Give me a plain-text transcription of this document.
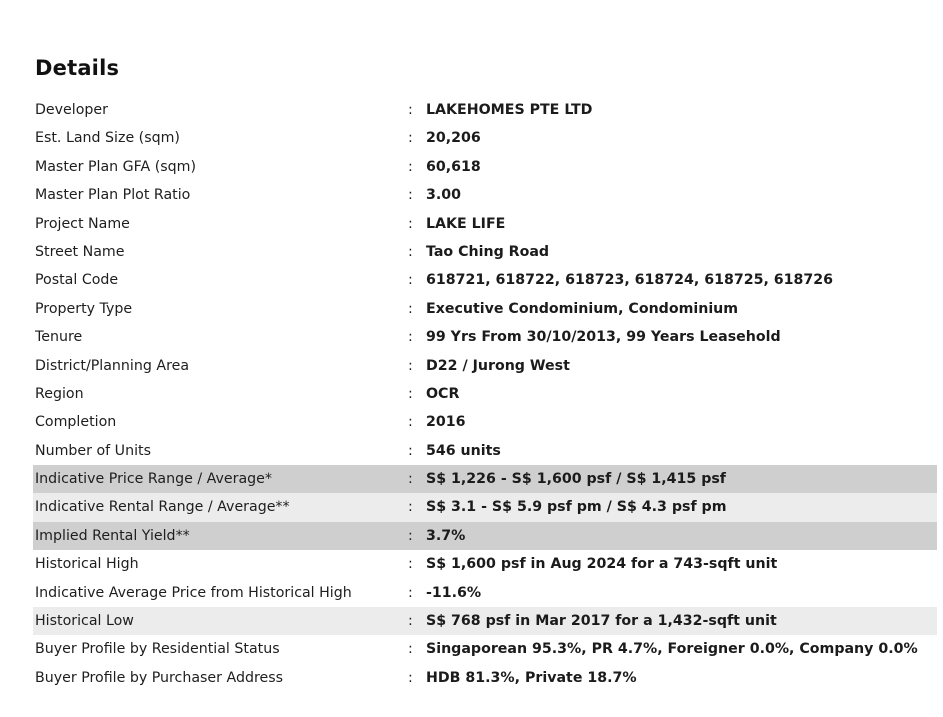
Details
Developer	: LAKEHOMES PTE LTD
Est. Land Size (sqm)	: 20,206
Master Plan GFA (sqm)	: 60,618
Master Plan Plot Ratio	: 3.00
Project Name	: LAKE LIFE
Street Name	: Tao Ching Road
Postal Code	: 618721, 618722, 618723, 618724, 618725, 618726
Property Type	: Executive Condominium, Condominium
Tenure	: 99 Yrs From 30/10/2013, 99 Years Leasehold
District/Planning Area	: D22 / Jurong West
Region	: OCR
Completion	: 2016
Number of Units	: 546 units
Indicative Price Range / Average*	: S$ 1,226 - S$ 1,600 psf / S$ 1,415 psf
Indicative Rental Range / Average**	: S$ 3.1 - S$ 5.9 psf pm / S$ 4.3 psf pm
Implied Rental Yield**	: 3.7%
Historical High	: S$ 1,600 psf in Aug 2024 for a 743-sqft unit
Indicative Average Price from Historical High	: -11.6%
Historical Low	: S$ 768 psf in Mar 2017 for a 1,432-sqft unit
Buyer Profile by Residential Status	: Singaporean 95.3%, PR 4.7%, Foreigner 0.0%, Company 0.0%
Buyer Profile by Purchaser Address	: HDB 81.3%, Private 18.7%
